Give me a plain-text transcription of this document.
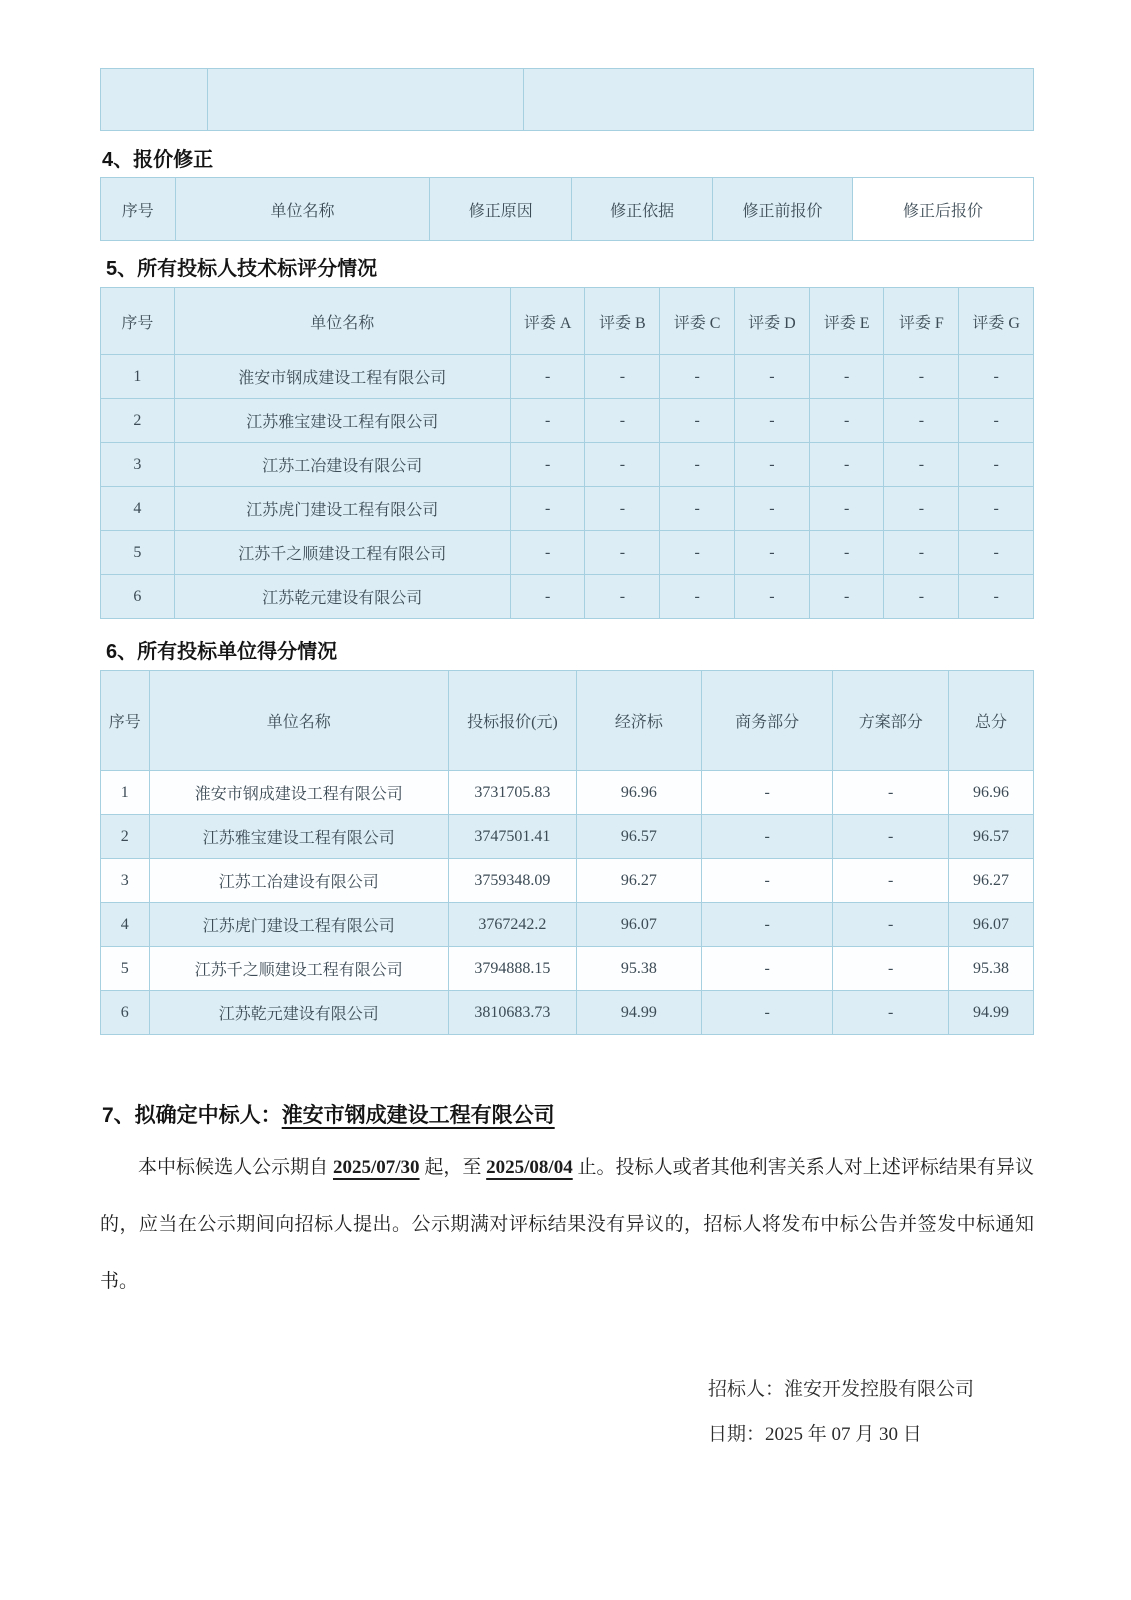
4、报价修正
序号	单位名称	修正原因	修正依据	修正前报价	修正后报价
5、所有投标人技术标评分情况
序号	单位名称	评委 A	评委 B	评委 C	评委 D	评委 E	评委 F	评委 G
1	淮安市钢成建设工程有限公司	-	-	-	-	-	-	-
2	江苏雅宝建设工程有限公司	-	-	-	-	-	-	-
3	江苏工冶建设有限公司	-	-	-	-	-	-	-
4	江苏虎门建设工程有限公司	-	-	-	-	-	-	-
5	江苏千之顺建设工程有限公司	-	-	-	-	-	-	-
6	江苏乾元建设有限公司	-	-	-	-	-	-	-
6、所有投标单位得分情况
序号	单位名称	投标报价(元)	经济标	商务部分	方案部分	总分
1	淮安市钢成建设工程有限公司	3731705.83	96.96	-	-	96.96
2	江苏雅宝建设工程有限公司	3747501.41	96.57	-	-	96.57
3	江苏工冶建设有限公司	3759348.09	96.27	-	-	96.27
4	江苏虎门建设工程有限公司	3767242.2	96.07	-	-	96.07
5	江苏千之顺建设工程有限公司	3794888.15	95.38	-	-	95.38
6	江苏乾元建设有限公司	3810683.73	94.99	-	-	94.99
7、拟确定中标人：淮安市钢成建设工程有限公司

本中标候选人公示期自 2025/07/30 起，至 2025/08/04 止。投标人或者其他利害关系人对上述评标结果有异议的，应当在公示期间向招标人提出。公示期满对评标结果没有异议的，招标人将发布中标公告并签发中标通知书。

招标人：淮安开发控股有限公司
日期：2025 年 07 月 30 日
